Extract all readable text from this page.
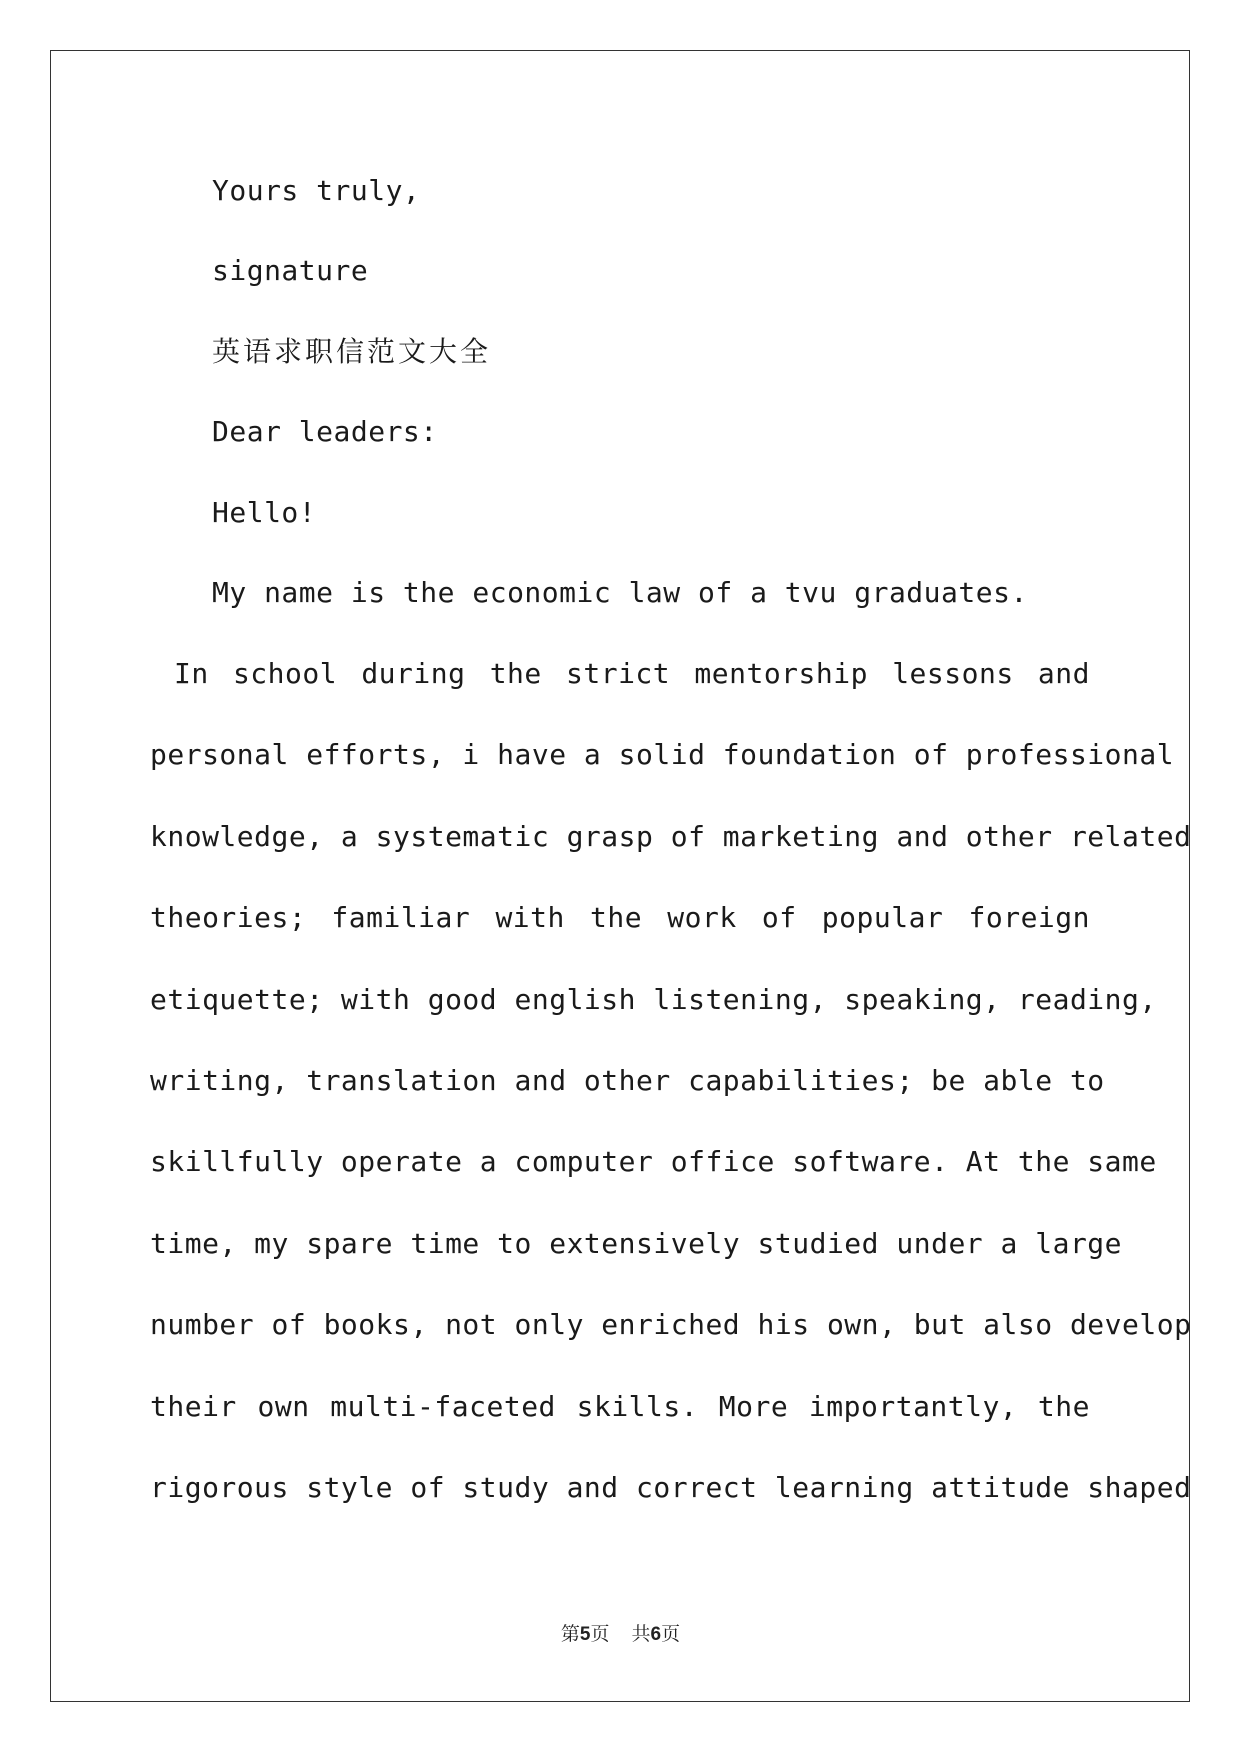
Yours truly,
signature
英语求职信范文大全
Dear leaders:
Hello!
My name is the economic law of a tvu graduates.
In school during the strict mentorship lessons and
personal efforts, i have a solid foundation of professional
knowledge, a systematic grasp of marketing and other related
theories; familiar with the work of popular foreign
etiquette; with good english listening, speaking, reading,
writing, translation and other capabilities; be able to
skillfully operate a computer office software. At the same
time, my spare time to extensively studied under a large
number of books, not only enriched his own, but also develop
their own multi-faceted skills. More importantly, the
rigorous style of study and correct learning attitude shaped
第5页 共6页
